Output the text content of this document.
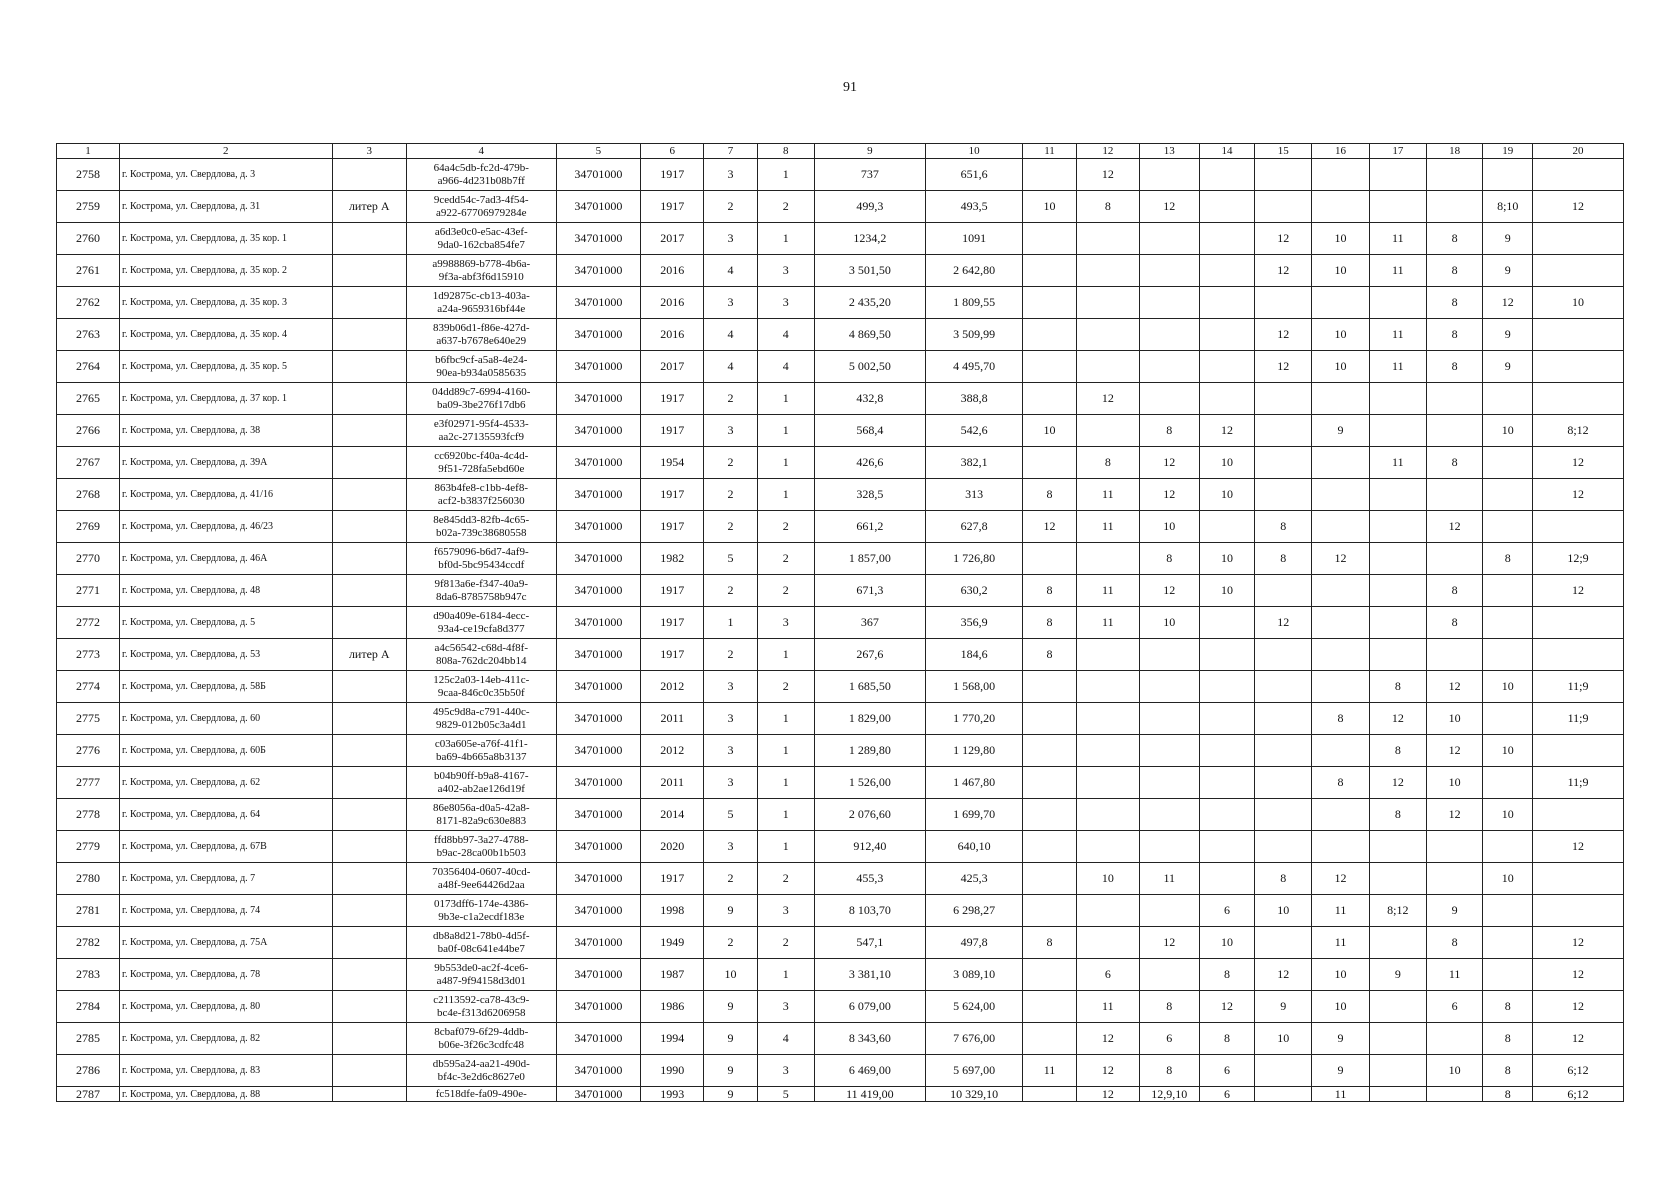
91
1	2	3	4	5	6	7	8	9	10	11	12	13	14	15	16	17	18	19	20
2758	г. Кострома, ул. Свердлова, д. 3		64a4c5db-fc2d-479b-
a966-4d231b08b7ff	34701000	1917	3	1	737	651,6		12								
2759	г. Кострома, ул. Свердлова, д. 31	литер А	9cedd54c-7ad3-4f54-
a922-67706979284e	34701000	1917	2	2	499,3	493,5	10	8	12						8;10	12
2760	г. Кострома, ул. Свердлова, д. 35 кор. 1		a6d3e0c0-e5ac-43ef-
9da0-162cba854fe7	34701000	2017	3	1	1234,2	1091					12	10	11	8	9	
2761	г. Кострома, ул. Свердлова, д. 35 кор. 2		a9988869-b778-4b6a-
9f3a-abf3f6d15910	34701000	2016	4	3	3 501,50	2 642,80					12	10	11	8	9	
2762	г. Кострома, ул. Свердлова, д. 35 кор. 3		1d92875c-cb13-403a-
a24a-9659316bf44e	34701000	2016	3	3	2 435,20	1 809,55								8	12	10
2763	г. Кострома, ул. Свердлова, д. 35 кор. 4		839b06d1-f86e-427d-
a637-b7678e640e29	34701000	2016	4	4	4 869,50	3 509,99					12	10	11	8	9	
2764	г. Кострома, ул. Свердлова, д. 35 кор. 5		b6fbc9cf-a5a8-4e24-
90ea-b934a0585635	34701000	2017	4	4	5 002,50	4 495,70					12	10	11	8	9	
2765	г. Кострома, ул. Свердлова, д. 37 кор. 1		04dd89c7-6994-4160-
ba09-3be276f17db6	34701000	1917	2	1	432,8	388,8		12								
2766	г. Кострома, ул. Свердлова, д. 38		e3f02971-95f4-4533-
aa2c-27135593fcf9	34701000	1917	3	1	568,4	542,6	10		8	12		9			10	8;12
2767	г. Кострома, ул. Свердлова, д. 39А		cc6920bc-f40a-4c4d-
9f51-728fa5ebd60e	34701000	1954	2	1	426,6	382,1		8	12	10			11	8		12
2768	г. Кострома, ул. Свердлова, д. 41/16		863b4fe8-c1bb-4ef8-
acf2-b3837f256030	34701000	1917	2	1	328,5	313	8	11	12	10						12
2769	г. Кострома, ул. Свердлова, д. 46/23		8e845dd3-82fb-4c65-
b02a-739c38680558	34701000	1917	2	2	661,2	627,8	12	11	10		8			12		
2770	г. Кострома, ул. Свердлова, д. 46А		f6579096-b6d7-4af9-
bf0d-5bc95434ccdf	34701000	1982	5	2	1 857,00	1 726,80			8	10	8	12			8	12;9
2771	г. Кострома, ул. Свердлова, д. 48		9f813a6e-f347-40a9-
8da6-8785758b947c	34701000	1917	2	2	671,3	630,2	8	11	12	10				8		12
2772	г. Кострома, ул. Свердлова, д. 5		d90a409e-6184-4ecc-
93a4-ce19cfa8d377	34701000	1917	1	3	367	356,9	8	11	10		12			8		
2773	г. Кострома, ул. Свердлова, д. 53	литер А	a4c56542-c68d-4f8f-
808a-762dc204bb14	34701000	1917	2	1	267,6	184,6	8									
2774	г. Кострома, ул. Свердлова, д. 58Б		125c2a03-14eb-411c-
9caa-846c0c35b50f	34701000	2012	3	2	1 685,50	1 568,00							8	12	10	11;9
2775	г. Кострома, ул. Свердлова, д. 60		495c9d8a-c791-440c-
9829-012b05c3a4d1	34701000	2011	3	1	1 829,00	1 770,20						8	12	10		11;9
2776	г. Кострома, ул. Свердлова, д. 60Б		c03a605e-a76f-41f1-
ba69-4b665a8b3137	34701000	2012	3	1	1 289,80	1 129,80							8	12	10	
2777	г. Кострома, ул. Свердлова, д. 62		b04b90ff-b9a8-4167-
a402-ab2ae126d19f	34701000	2011	3	1	1 526,00	1 467,80						8	12	10		11;9
2778	г. Кострома, ул. Свердлова, д. 64		86e8056a-d0a5-42a8-
8171-82a9c630e883	34701000	2014	5	1	2 076,60	1 699,70							8	12	10	
2779	г. Кострома, ул. Свердлова, д. 67В		ffd8bb97-3a27-4788-
b9ac-28ca00b1b503	34701000	2020	3	1	912,40	640,10										12
2780	г. Кострома, ул. Свердлова, д. 7		70356404-0607-40cd-
a48f-9ee64426d2aa	34701000	1917	2	2	455,3	425,3		10	11		8	12			10	
2781	г. Кострома, ул. Свердлова, д. 74		0173dff6-174e-4386-
9b3e-c1a2ecdf183e	34701000	1998	9	3	8 103,70	6 298,27				6	10	11	8;12	9		
2782	г. Кострома, ул. Свердлова, д. 75А		db8a8d21-78b0-4d5f-
ba0f-08c641e44be7	34701000	1949	2	2	547,1	497,8	8		12	10		11		8		12
2783	г. Кострома, ул. Свердлова, д. 78		9b553de0-ac2f-4ce6-
a487-9f94158d3d01	34701000	1987	10	1	3 381,10	3 089,10		6		8	12	10	9	11		12
2784	г. Кострома, ул. Свердлова, д. 80		c2113592-ca78-43c9-
bc4e-f313d6206958	34701000	1986	9	3	6 079,00	5 624,00		11	8	12	9	10		6	8	12
2785	г. Кострома, ул. Свердлова, д. 82		8cbaf079-6f29-4ddb-
b06e-3f26c3cdfc48	34701000	1994	9	4	8 343,60	7 676,00		12	6	8	10	9			8	12
2786	г. Кострома, ул. Свердлова, д. 83		db595a24-aa21-490d-
bf4c-3e2d6c8627e0	34701000	1990	9	3	6 469,00	5 697,00	11	12	8	6		9		10	8	6;12
2787	г. Кострома, ул. Свердлова, д. 88		fc518dfe-fa09-490e-	34701000	1993	9	5	11 419,00	10 329,10		12	12,9,10	6		11			8	6;12
